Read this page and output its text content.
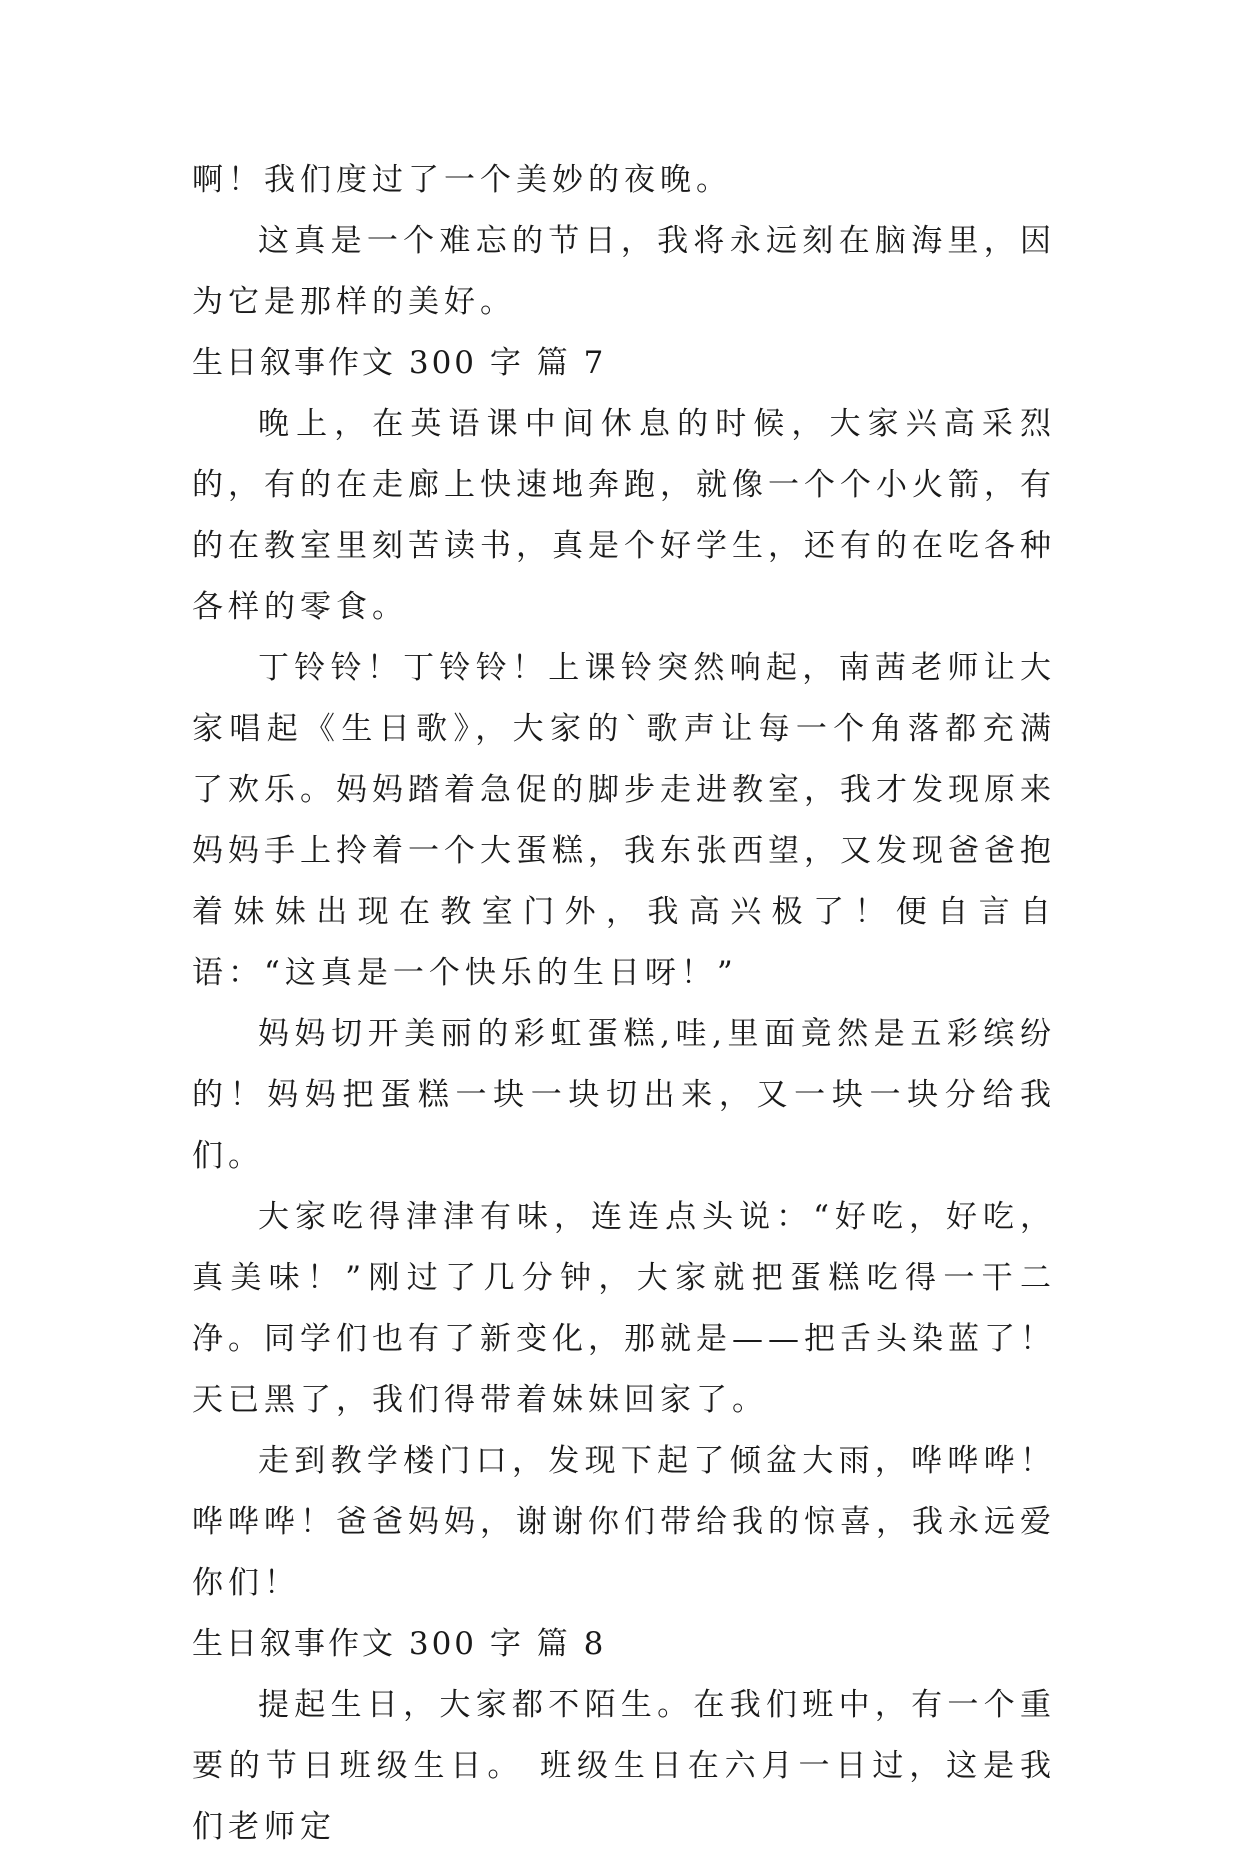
啊！我们度过了一个美妙的夜晚。

这真是一个难忘的节日，我将永远刻在脑海里，因为它是那样的美好。

生日叙事作文 300 字 篇 7

晚上，在英语课中间休息的时候，大家兴高采烈的，有的在走廊上快速地奔跑，就像一个个小火箭，有的在教室里刻苦读书，真是个好学生，还有的在吃各种各样的零食。

丁铃铃！丁铃铃！上课铃突然响起，南茜老师让大家唱起《生日歌》，大家的`歌声让每一个角落都充满了欢乐。妈妈踏着急促的脚步走进教室，我才发现原来妈妈手上拎着一个大蛋糕，我东张西望，又发现爸爸抱着妹妹出现在教室门外，我高兴极了！便自言自语：“这真是一个快乐的生日呀！”

妈妈切开美丽的彩虹蛋糕,哇,里面竟然是五彩缤纷的！妈妈把蛋糕一块一块切出来，又一块一块分给我们。

大家吃得津津有味，连连点头说：“好吃，好吃，真美味！”刚过了几分钟，大家就把蛋糕吃得一干二净。同学们也有了新变化，那就是——把舌头染蓝了！天已黑了，我们得带着妹妹回家了。

走到教学楼门口，发现下起了倾盆大雨，哗哗哗！哗哗哗！爸爸妈妈，谢谢你们带给我的惊喜，我永远爱你们！

生日叙事作文 300 字 篇 8

提起生日，大家都不陌生。在我们班中，有一个重要的节日班级生日。 班级生日在六月一日过，这是我们老师定
